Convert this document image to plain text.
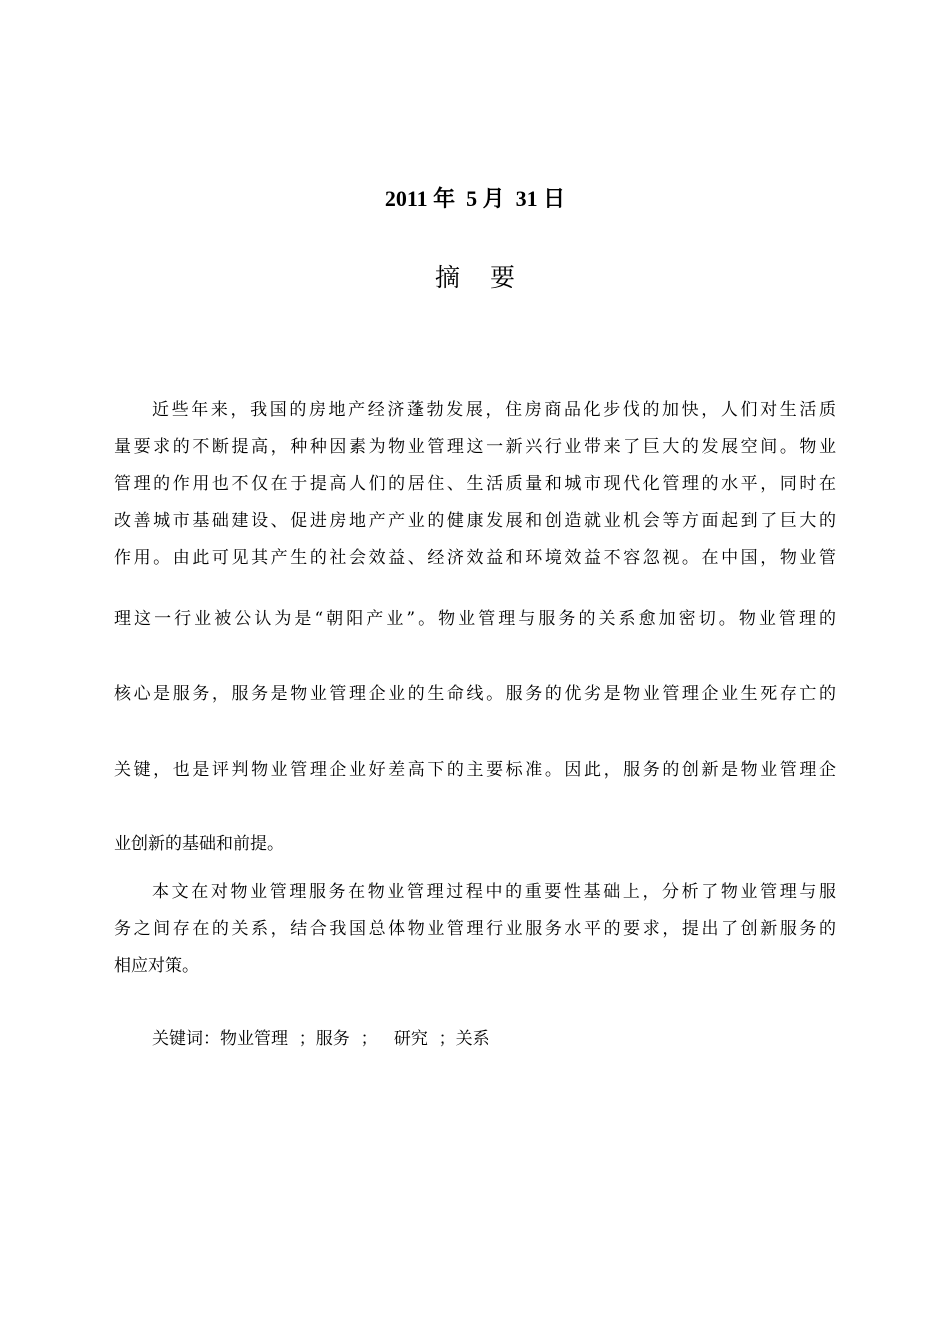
2011 年  5 月  31 日
摘要
近些年来，我国的房地产经济蓬勃发展，住房商品化步伐的加快，人们对生活质
量要求的不断提高，种种因素为物业管理这一新兴行业带来了巨大的发展空间。物业
管理的作用也不仅在于提高人们的居住、生活质量和城市现代化管理的水平，同时在
改善城市基础建设、促进房地产产业的健康发展和创造就业机会等方面起到了巨大的
作用。由此可见其产生的社会效益、经济效益和环境效益不容忽视。在中国，物业管
理这一行业被公认为是“朝阳产业”。物业管理与服务的关系愈加密切。物业管理的
核心是服务，服务是物业管理企业的生命线。服务的优劣是物业管理企业生死存亡的
关键，也是评判物业管理企业好差高下的主要标准。因此，服务的创新是物业管理企
业创新的基础和前提。
本文在对物业管理服务在物业管理过程中的重要性基础上，分析了物业管理与服
务之间存在的关系，结合我国总体物业管理行业服务水平的要求，提出了创新服务的
相应对策。
关键词：物业管理  ；服务  ；   研究  ；关系
